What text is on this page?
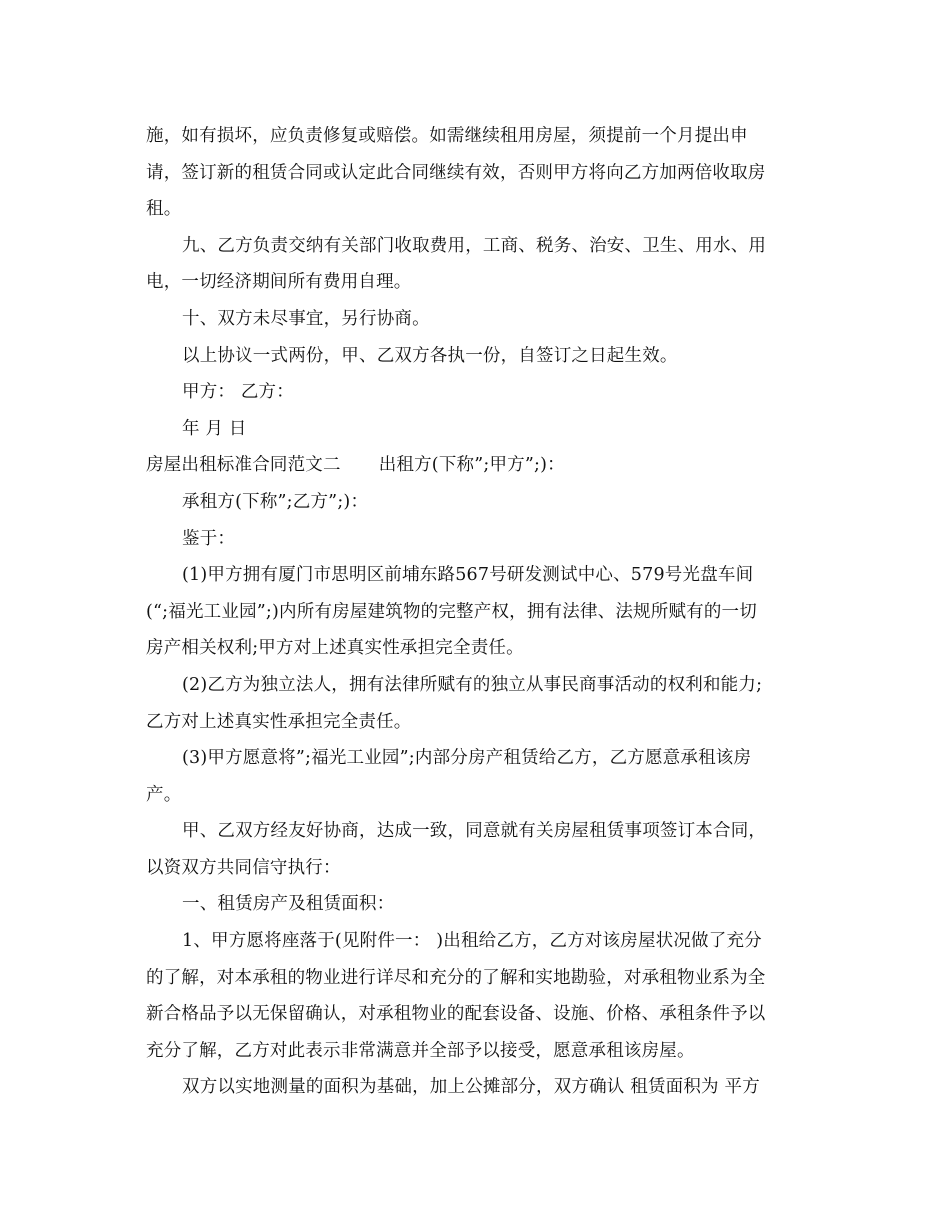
施，如有损坏，应负责修复或赔偿。如需继续租用房屋，须提前一个月提出申
请，签订新的租赁合同或认定此合同继续有效，否则甲方将向乙方加两倍收取房
租。
九、乙方负责交纳有关部门收取费用，工商、税务、治安、卫生、用水、用
电，一切经济期间所有费用自理。
十、双方未尽事宜，另行协商。
以上协议一式两份，甲、乙双方各执一份，自签订之日起生效。
甲方： 乙方：
年 月 日
房屋出租标准合同范文二 出租方(下称”;甲方”;)：
承租方(下称”;乙方”;)：
鉴于：
(1)甲方拥有厦门市思明区前埔东路567号研发测试中心、579号光盘车间
(“;福光工业园”;)内所有房屋建筑物的完整产权，拥有法律、法规所赋有的一切
房产相关权利;甲方对上述真实性承担完全责任。
(2)乙方为独立法人，拥有法律所赋有的独立从事民商事活动的权利和能力;
乙方对上述真实性承担完全责任。
(3)甲方愿意将”;福光工业园”;内部分房产租赁给乙方，乙方愿意承租该房
产。
甲、乙双方经友好协商，达成一致，同意就有关房屋租赁事项签订本合同，
以资双方共同信守执行：
一、租赁房产及租赁面积：
1、甲方愿将座落于(见附件一： )出租给乙方，乙方对该房屋状况做了充分
的了解，对本承租的物业进行详尽和充分的了解和实地勘验，对承租物业系为全
新合格品予以无保留确认，对承租物业的配套设备、设施、价格、承租条件予以
充分了解，乙方对此表示非常满意并全部予以接受，愿意承租该房屋。
双方以实地测量的面积为基础，加上公摊部分，双方确认 租赁面积为 平方
